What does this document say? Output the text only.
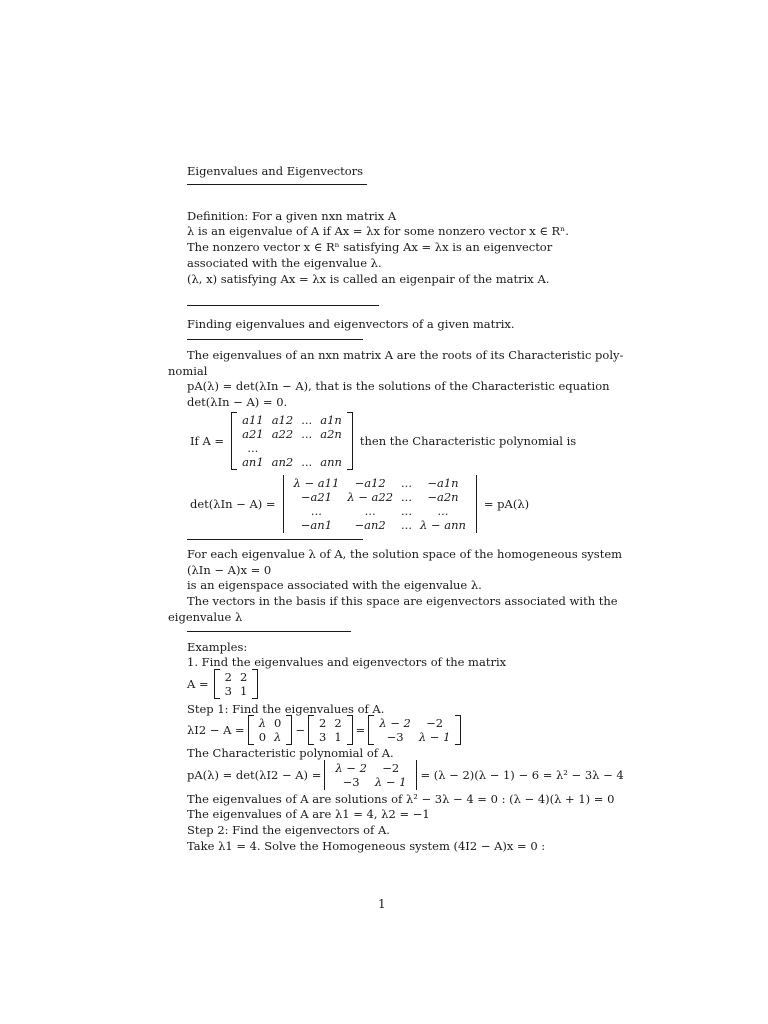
Eigenvalues and Eigenvectors
Definition: For a given nxn matrix A
λ is an eigenvalue of A if Ax = λx for some nonzero vector x ∈ Rⁿ.
The nonzero vector x ∈ Rⁿ satisfying Ax = λx is an eigenvector
associated with the eigenvalue λ.
(λ, x) satisfying Ax = λx is called an eigenpair of the matrix A.
Finding eigenvalues and eigenvectors of a given matrix.
The eigenvalues of an nxn matrix A are the roots of its Characteristic poly-
nomial
pA(λ) = det(λIn − A), that is the solutions of the Characteristic equation
det(λIn − A) = 0.
If A =
a11 a12 ... a1n
a21 a22 ... a2n
...
an1 an2 ... ann
then the Characteristic polynomial is
det(λIn − A) =
λ − a11	−a12	...	−a1n
−a21	λ − a22 ...	−a2n
...	...	...	...
−an1	−an2	... λ − ann
= pA(λ)
For each eigenvalue λ of A, the solution space of the homogeneous system
(λIn − A)x = 0
is an eigenspace associated with the eigenvalue λ.
The vectors in the basis if this space are eigenvectors associated with the
eigenvalue λ
Examples:
1. Find the eigenvalues and eigenvectors of the matrix
A =	2 2
3 1
Step 1: Find the eigenvalues of A.
λI2 − A =	λ 0
0 λ	−	2 2
3 1	=	λ − 2	−2
−3	λ − 1
The Characteristic polynomial of A.
pA(λ) = det(λI2 − A) =	λ − 2	−2
−3	λ − 1	= (λ − 2)(λ − 1) − 6 = λ² − 3λ − 4
The eigenvalues of A are solutions of λ² − 3λ − 4 = 0 : (λ − 4)(λ + 1) = 0
The eigenvalues of A are λ1 = 4, λ2 = −1
Step 2: Find the eigenvectors of A.
Take λ1 = 4. Solve the Homogeneous system (4I2 − A)x = 0 :
1
